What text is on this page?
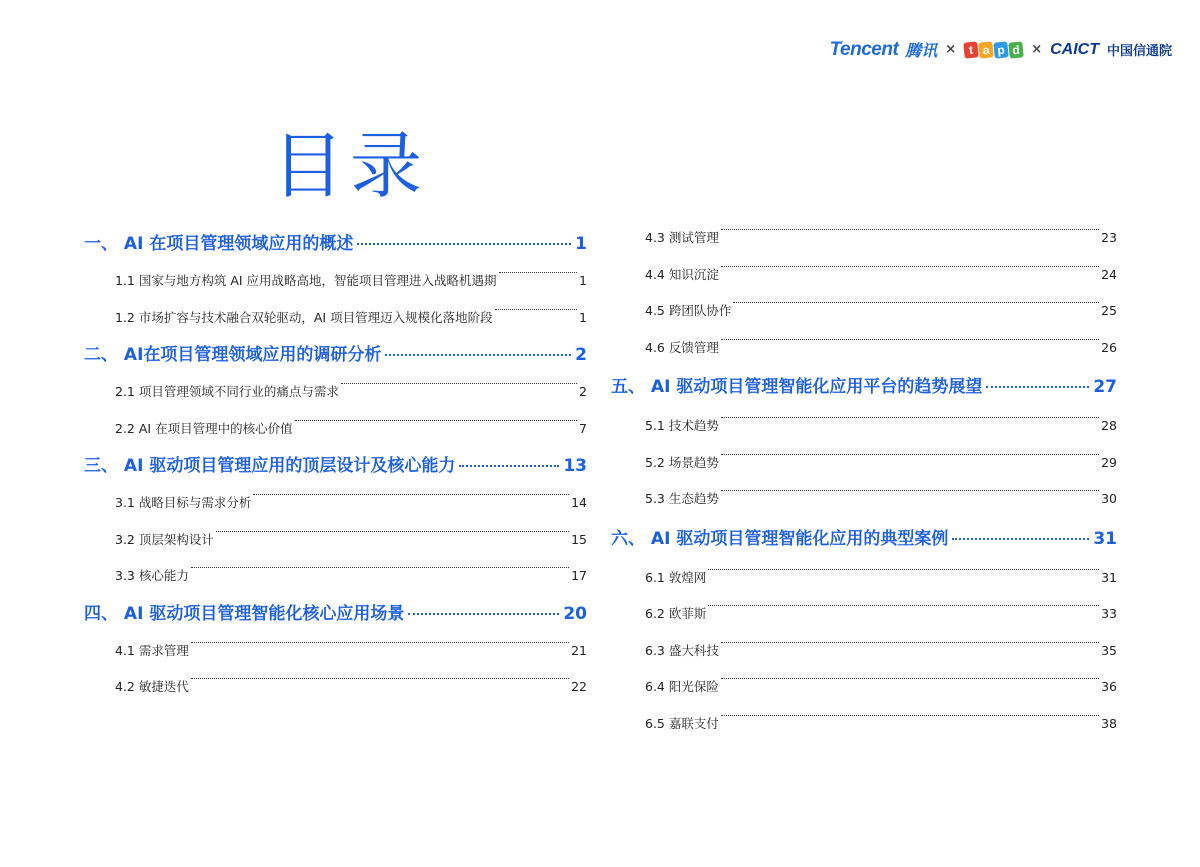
Tencent 腾讯 ×	t a p d × CAICT 中国信通院
目录
一、 AI 在项目管理领域应用的概述	1
1.1 国家与地方构筑 AI 应用战略高地，智能项目管理进入战略机遇期	1
1.2 市场扩容与技术融合双轮驱动，AI 项目管理迈入规模化落地阶段	1
二、 AI在项目管理领域应用的调研分析	2
2.1 项目管理领域不同行业的痛点与需求	2
2.2 AI 在项目管理中的核心价值	7
三、 AI 驱动项目管理应用的顶层设计及核心能力	13
3.1 战略目标与需求分析	14
3.2 顶层架构设计	15
3.3 核心能力	17
四、 AI 驱动项目管理智能化核心应用场景	20
4.1 需求管理	21
4.2 敏捷迭代	22
4.3 测试管理	23
4.4 知识沉淀	24
4.5 跨团队协作	25
4.6 反馈管理	26
五、 AI 驱动项目管理智能化应用平台的趋势展望	27
5.1 技术趋势	28
5.2 场景趋势	29
5.3 生态趋势	30
六、 AI 驱动项目管理智能化应用的典型案例	31
6.1 敦煌网	31
6.2 欧菲斯	33
6.3 盛大科技	35
6.4 阳光保险	36
6.5 嘉联支付	38
